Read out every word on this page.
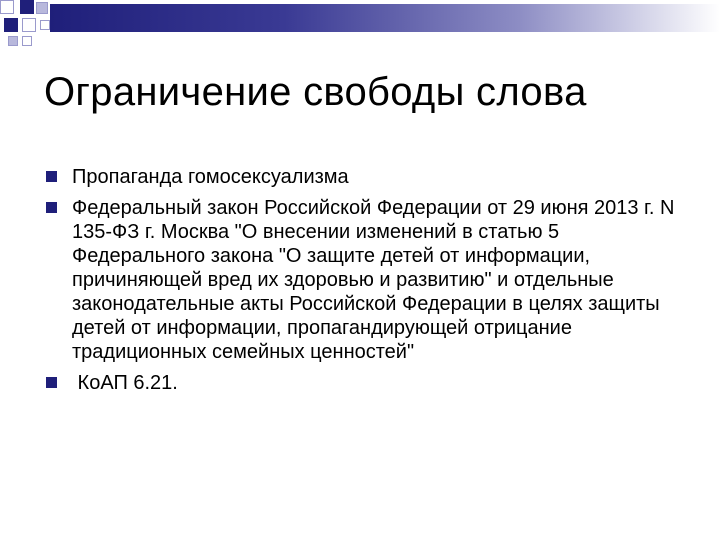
Ограничение свободы слова
Пропаганда гомосексуализма
Федеральный закон Российской Федерации от 29 июня 2013 г. N 135-ФЗ г. Москва "О внесении изменений в статью 5 Федерального закона "О защите детей от информации, причиняющей вред их здоровью и развитию" и отдельные законодательные акты Российской Федерации в целях защиты детей от информации, пропагандирующей отрицание традиционных семейных ценностей"
КоАП 6.21.
